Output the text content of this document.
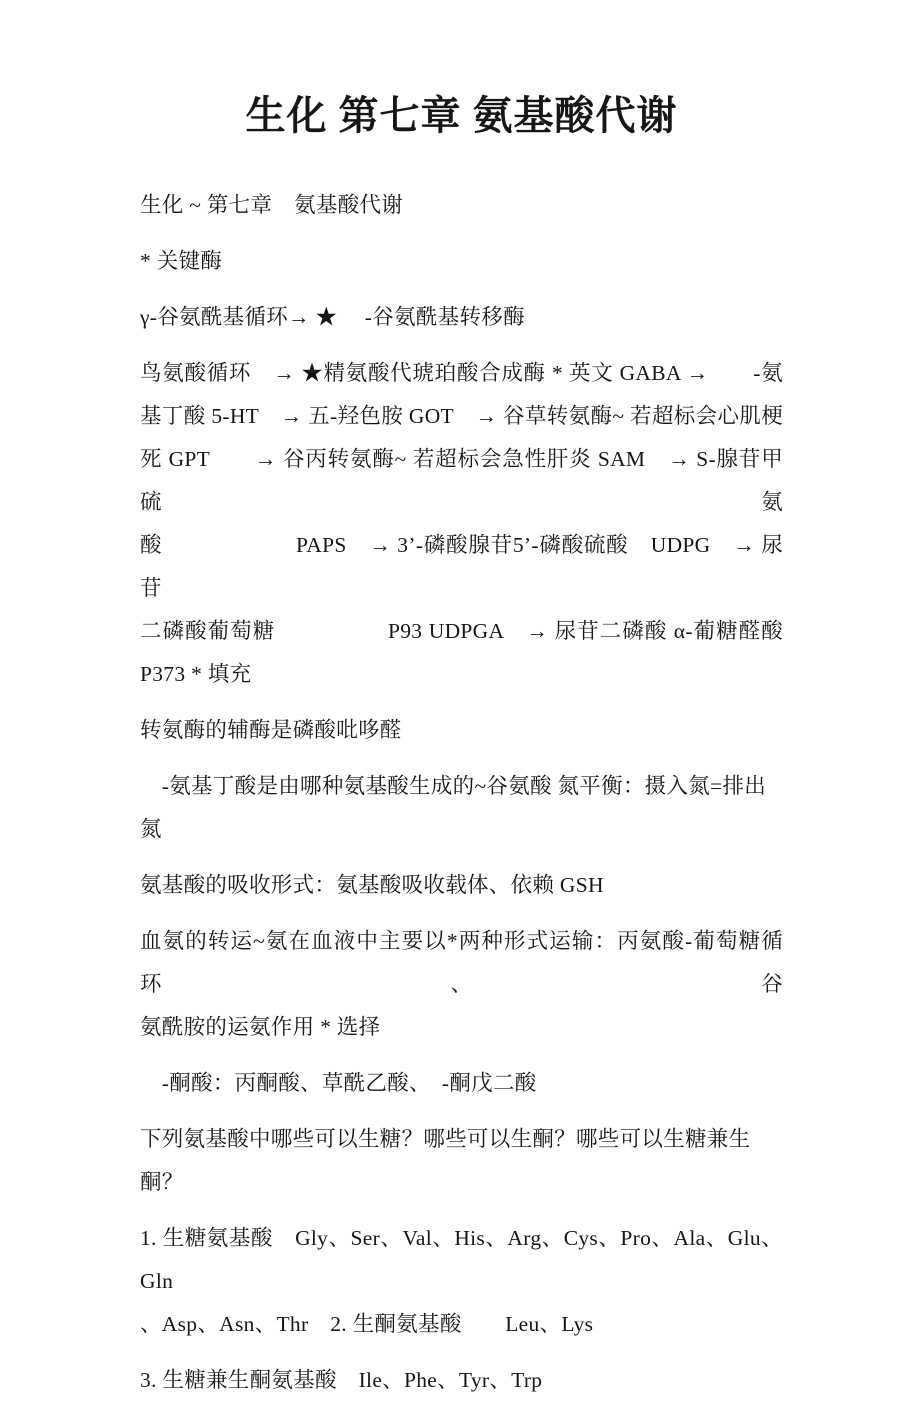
生化 第七章 氨基酸代谢
生化 ~ 第七章　氨基酸代谢
* 关键酶
γ-谷氨酰基循环→ ★　 -谷氨酰基转移酶
鸟氨酸循环　→ ★精氨酸代琥珀酸合成酶 * 英文 GABA →　　-氨
基丁酸 5-HT　→ 五-羟色胺 GOT　→ 谷草转氨酶~ 若超标会心肌梗
死 GPT　　→ 谷丙转氨酶~ 若超标会急性肝炎 SAM　→ S-腺苷甲硫氨
酸　　　　　　PAPS　→ 3’-磷酸腺苷5’-磷酸硫酸　UDPG　→ 尿苷
二磷酸葡萄糖　　　　　P93 UDPGA　→ 尿苷二磷酸 α-葡糖醛酸
P373 * 填充
转氨酶的辅酶是磷酸吡哆醛
　-氨基丁酸是由哪种氨基酸生成的~谷氨酸 氮平衡：摄入氮=排出氮
氨基酸的吸收形式：氨基酸吸收载体、依赖 GSH
血氨的转运~氨在血液中主要以*两种形式运输：丙氨酸-葡萄糖循环、谷
氨酰胺的运氨作用 * 选择
　-酮酸：丙酮酸、草酰乙酸、　-酮戊二酸
下列氨基酸中哪些可以生糖？哪些可以生酮？哪些可以生糖兼生酮？
1. 生糖氨基酸　Gly、Ser、Val、His、Arg、Cys、Pro、Ala、Glu、Gln
、Asp、Asn、Thr　2. 生酮氨基酸　　Leu、Lys
3. 生糖兼生酮氨基酸　Ile、Phe、Tyr、Trp
